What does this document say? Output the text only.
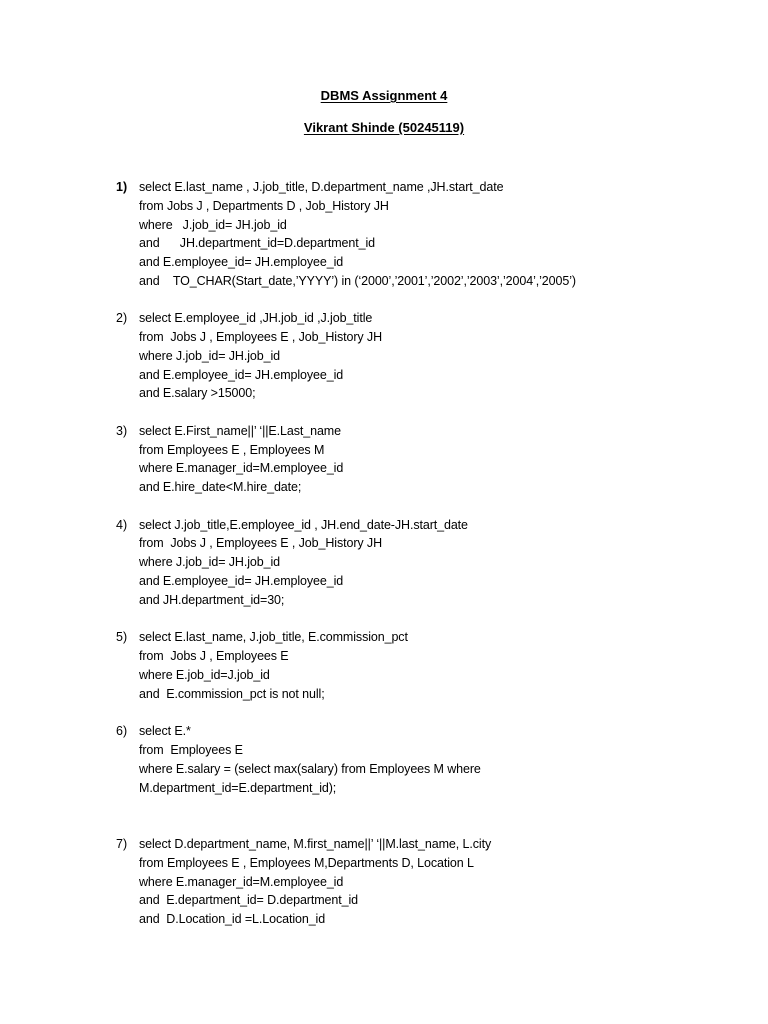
DBMS Assignment 4
Vikrant Shinde (50245119)
1) select E.last_name , J.job_title, D.department_name ,JH.start_date
from Jobs J , Departments D , Job_History JH
where   J.job_id= JH.job_id
and      JH.department_id=D.department_id
and E.employee_id= JH.employee_id
and    TO_CHAR(Start_date,’YYYY’) in (‘2000’,’2001’,’2002’,’2003’,’2004’,’2005’)
2) select E.employee_id ,JH.job_id ,J.job_title
from  Jobs J , Employees E , Job_History JH
where J.job_id= JH.job_id
and E.employee_id= JH.employee_id
and E.salary >15000;
3) select E.First_name||’ ‘||E.Last_name
from Employees E , Employees M
where E.manager_id=M.employee_id
and E.hire_date<M.hire_date;
4) select J.job_title,E.employee_id , JH.end_date-JH.start_date
from  Jobs J , Employees E , Job_History JH
where J.job_id= JH.job_id
and E.employee_id= JH.employee_id
and JH.department_id=30;
5) select E.last_name, J.job_title, E.commission_pct
from  Jobs J , Employees E
where E.job_id=J.job_id
and  E.commission_pct is not null;
6) select E.*
from  Employees E
where E.salary = (select max(salary) from Employees M where
M.department_id=E.department_id);
7) select D.department_name, M.first_name||’ ‘||M.last_name, L.city
from Employees E , Employees M,Departments D, Location L
where E.manager_id=M.employee_id
and  E.department_id= D.department_id
and  D.Location_id =L.Location_id
